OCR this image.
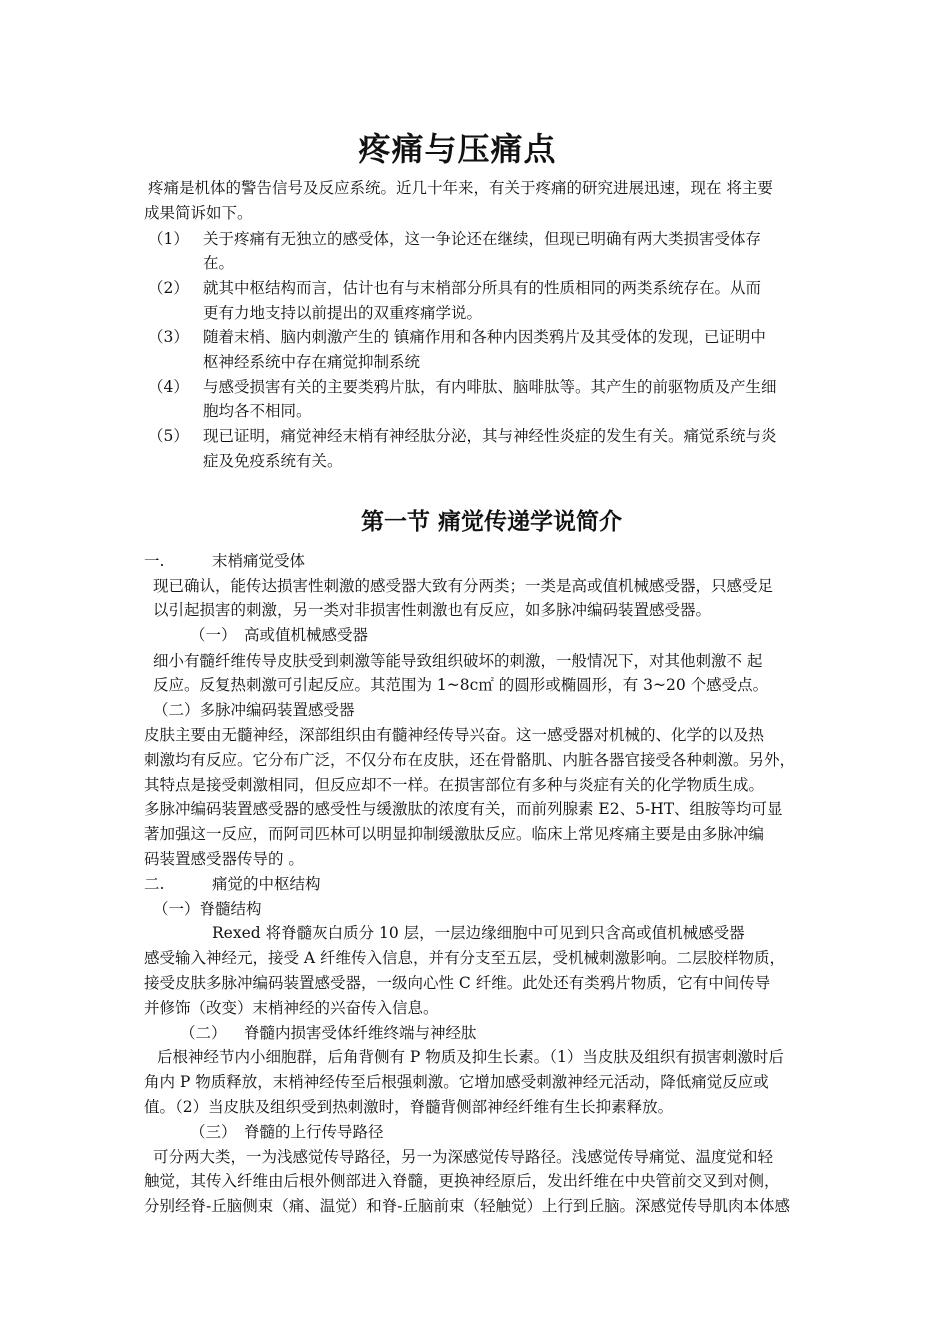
疼痛与压痛点
疼痛是机体的警告信号及反应系统。近几十年来，有关于疼痛的研究进展迅速，现在 将主要
成果简诉如下。
（1） 关于疼痛有无独立的感受体，这一争论还在继续，但现已明确有两大类损害受体存
在。
（2） 就其中枢结构而言，估计也有与末梢部分所具有的性质相同的两类系统存在。从而
更有力地支持以前提出的双重疼痛学说。
（3） 随着末梢、脑内刺激产生的 镇痛作用和各种内因类鸦片及其受体的发现，已证明中
枢神经系统中存在痛觉抑制系统
（4） 与感受损害有关的主要类鸦片肽，有内啡肽、脑啡肽等。其产生的前驱物质及产生细
胞均各不相同。
（5） 现已证明，痛觉神经末梢有神经肽分泌，其与神经性炎症的发生有关。痛觉系统与炎
症及免疫系统有关。
第一节 痛觉传递学说简介
一.	末梢痛觉受体
现已确认，能传达损害性刺激的感受器大致有分两类；一类是高或值机械感受器，只感受足
以引起损害的刺激，另一类对非损害性刺激也有反应，如多脉冲编码装置感受器。
（一） 高或值机械感受器
细小有髓纤维传导皮肤受到刺激等能导致组织破坏的刺激，一般情况下，对其他刺激不 起
反应。反复热刺激可引起反应。其范围为 1~8c㎡ 的圆形或椭圆形，有 3~20 个感受点。
（二）多脉冲编码装置感受器
皮肤主要由无髓神经，深部组织由有髓神经传导兴奋。这一感受器对机械的、化学的以及热
刺激均有反应。它分布广泛，不仅分布在皮肤，还在骨骼肌、内脏各器官接受各种刺激。另外，
其特点是接受刺激相同，但反应却不一样。在损害部位有多种与炎症有关的化学物质生成。
多脉冲编码装置感受器的感受性与缓激肽的浓度有关，而前列腺素 E2、5-HT、组胺等均可显
著加强这一反应，而阿司匹林可以明显抑制缓激肽反应。临床上常见疼痛主要是由多脉冲编
码装置感受器传导的 。
二.	痛觉的中枢结构
（一）脊髓结构
Rexed 将脊髓灰白质分 10 层，一层边缘细胞中可见到只含高或值机械感受器
感受输入神经元，接受 A 纤维传入信息，并有分支至五层，受机械刺激影响。二层胶样物质，
接受皮肤多脉冲编码装置感受器，一级向心性 C 纤维。此处还有类鸦片物质，它有中间传导
并修饰（改变）末梢神经的兴奋传入信息。
（二） 脊髓内损害受体纤维终端与神经肽
后根神经节内小细胞群，后角背侧有 P 物质及抑生长素。（1）当皮肤及组织有损害刺激时后
角内 P 物质释放，末梢神经传至后根强刺激。它增加感受刺激神经元活动，降低痛觉反应或
值。（2）当皮肤及组织受到热刺激时，脊髓背侧部神经纤维有生长抑素释放。
（三） 脊髓的上行传导路径
可分两大类，一为浅感觉传导路径，另一为深感觉传导路径。浅感觉传导痛觉、温度觉和轻
触觉，其传入纤维由后根外侧部进入脊髓，更换神经原后，发出纤维在中央管前交叉到对侧，
分别经脊-丘脑侧束（痛、温觉）和脊-丘脑前束（轻触觉）上行到丘脑。深感觉传导肌肉本体感
